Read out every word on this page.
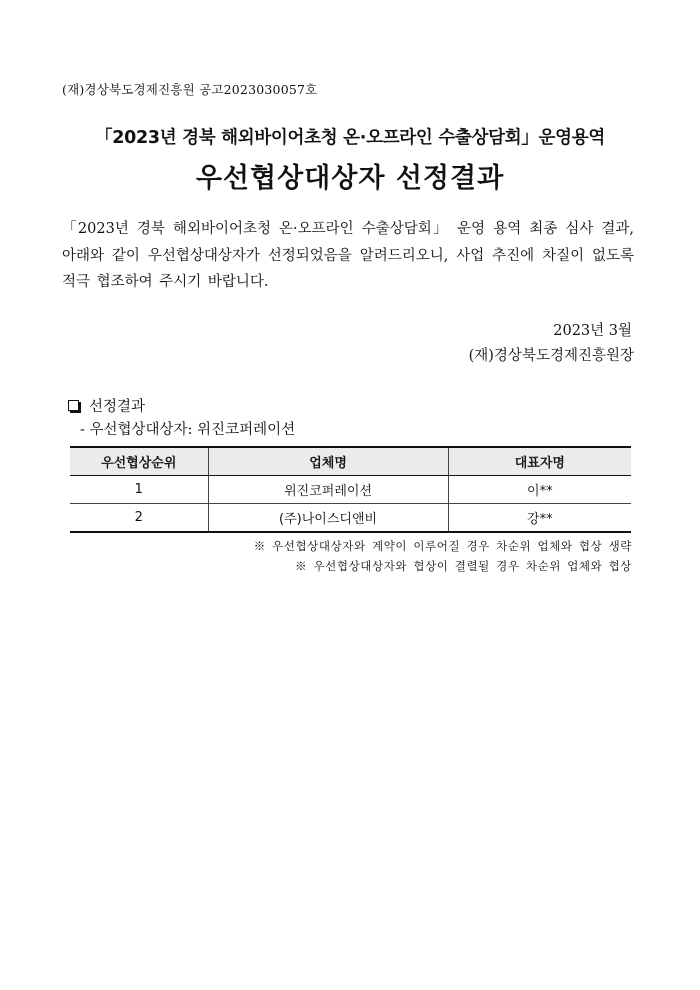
(재)경상북도경제진흥원 공고2023030057호
「2023년 경북 해외바이어초청 온·오프라인 수출상담회」운영용역
우선협상대상자 선정결과
「2023년 경북 해외바이어초청 온·오프라인 수출상담회」 운영 용역 최종 심사 결과, 아래와 같이 우선협상대상자가 선정되었음을 알려드리오니, 사업 추진에 차질이 없도록 적극 협조하여 주시기 바랍니다.
2023년 3월
(재)경상북도경제진흥원장
선정결과
- 우선협상대상자: 위진코퍼레이션
우선협상순위	업체명	대표자명
1	위진코퍼레이션	이**
2	(주)나이스디앤비	강**
※ 우선협상대상자와 계약이 이루어질 경우 차순위 업체와 협상 생략
※ 우선협상대상자와 협상이 결렬될 경우 차순위 업체와 협상
